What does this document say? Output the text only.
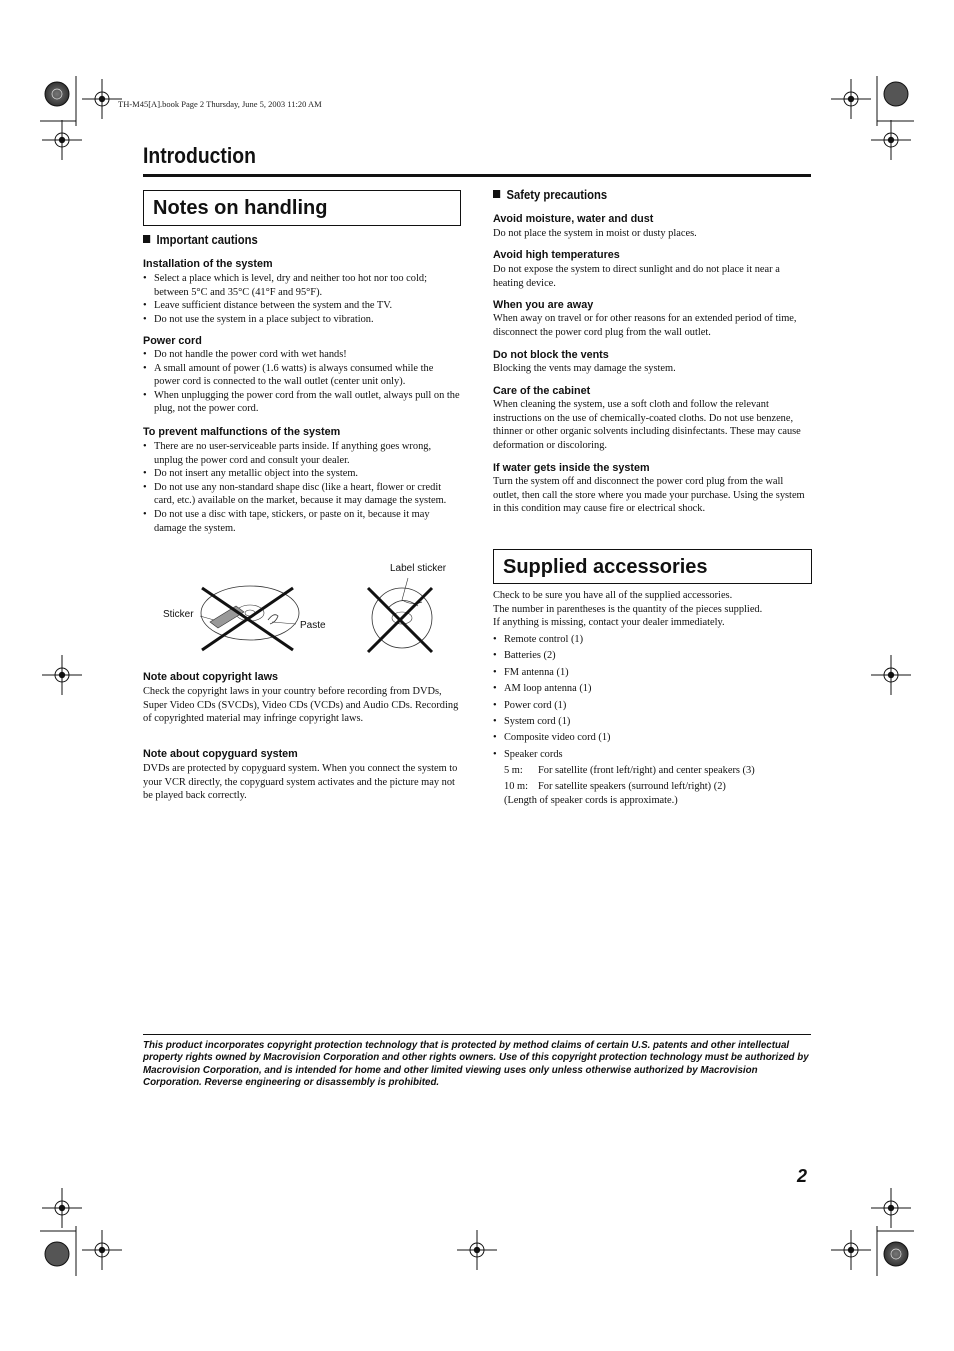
TH-M45[A].book Page 2 Thursday, June 5, 2003 11:20 AM
Introduction
Notes on handling
Important cautions
Installation of the system
• Select a place which is level, dry and neither too hot nor too cold; between 5°C and 35°C (41°F and 95°F).
• Leave sufficient distance between the system and the TV.
• Do not use the system in a place subject to vibration.
Power cord
• Do not handle the power cord with wet hands!
• A small amount of power (1.6 watts) is always consumed while the power cord is connected to the wall outlet (center unit only).
• When unplugging the power cord from the wall outlet, always pull on the plug, not the power cord.
To prevent malfunctions of the system
• There are no user-serviceable parts inside. If anything goes wrong, unplug the power cord and consult your dealer.
• Do not insert any metallic object into the system.
• Do not use any non-standard shape disc (like a heart, flower or credit card, etc.) available on the market, because it may damage the system.
• Do not use a disc with tape, stickers, or paste on it, because it may damage the system.
Label sticker
Sticker
Paste
Note about copyright laws

Check the copyright laws in your country before recording from DVDs, Super Video CDs (SVCDs), Video CDs (VCDs) and Audio CDs. Recording of copyrighted material may infringe copyright laws.

Note about copyguard system

DVDs are protected by copyguard system. When you connect the system to your VCR directly, the copyguard system activates and the picture may not be played back correctly.

Safety precautions
Avoid moisture, water and dust
Do not place the system in moist or dusty places.
Avoid high temperatures
Do not expose the system to direct sunlight and do not place it near a heating device.
When you are away
When away on travel or for other reasons for an extended period of time, disconnect the power cord plug from the wall outlet.
Do not block the vents
Blocking the vents may damage the system.
Care of the cabinet
When cleaning the system, use a soft cloth and follow the relevant instructions on the use of chemically-coated cloths. Do not use benzene, thinner or other organic solvents including disinfectants. These may cause deformation or discoloring.
If water gets inside the system
Turn the system off and disconnect the power cord plug from the wall outlet, then call the store where you made your purchase. Using the system in this condition may cause fire or electrical shock.
Supplied accessories

Check to be sure you have all of the supplied accessories.

The number in parentheses is the quantity of the pieces supplied.

If anything is missing, contact your dealer immediately.

• Remote control (1)
• Batteries (2)
• FM antenna (1)
• AM loop antenna (1)
• Power cord (1)
• System cord (1)
• Composite video cord (1)
• Speaker cords
5 m:	For satellite (front left/right) and center speakers (3)
10 m: For satellite speakers (surround left/right) (2)

(Length of speaker cords is approximate.)

This product incorporates copyright protection technology that is protected by method claims of certain U.S. patents and other intellectual property rights owned by Macrovision Corporation and other rights owners. Use of this copyright protection technology must be authorized by Macrovision Corporation, and is intended for home and other limited viewing uses only unless otherwise authorized by Macrovision Corporation. Reverse engineering or disassembly is prohibited.
2
